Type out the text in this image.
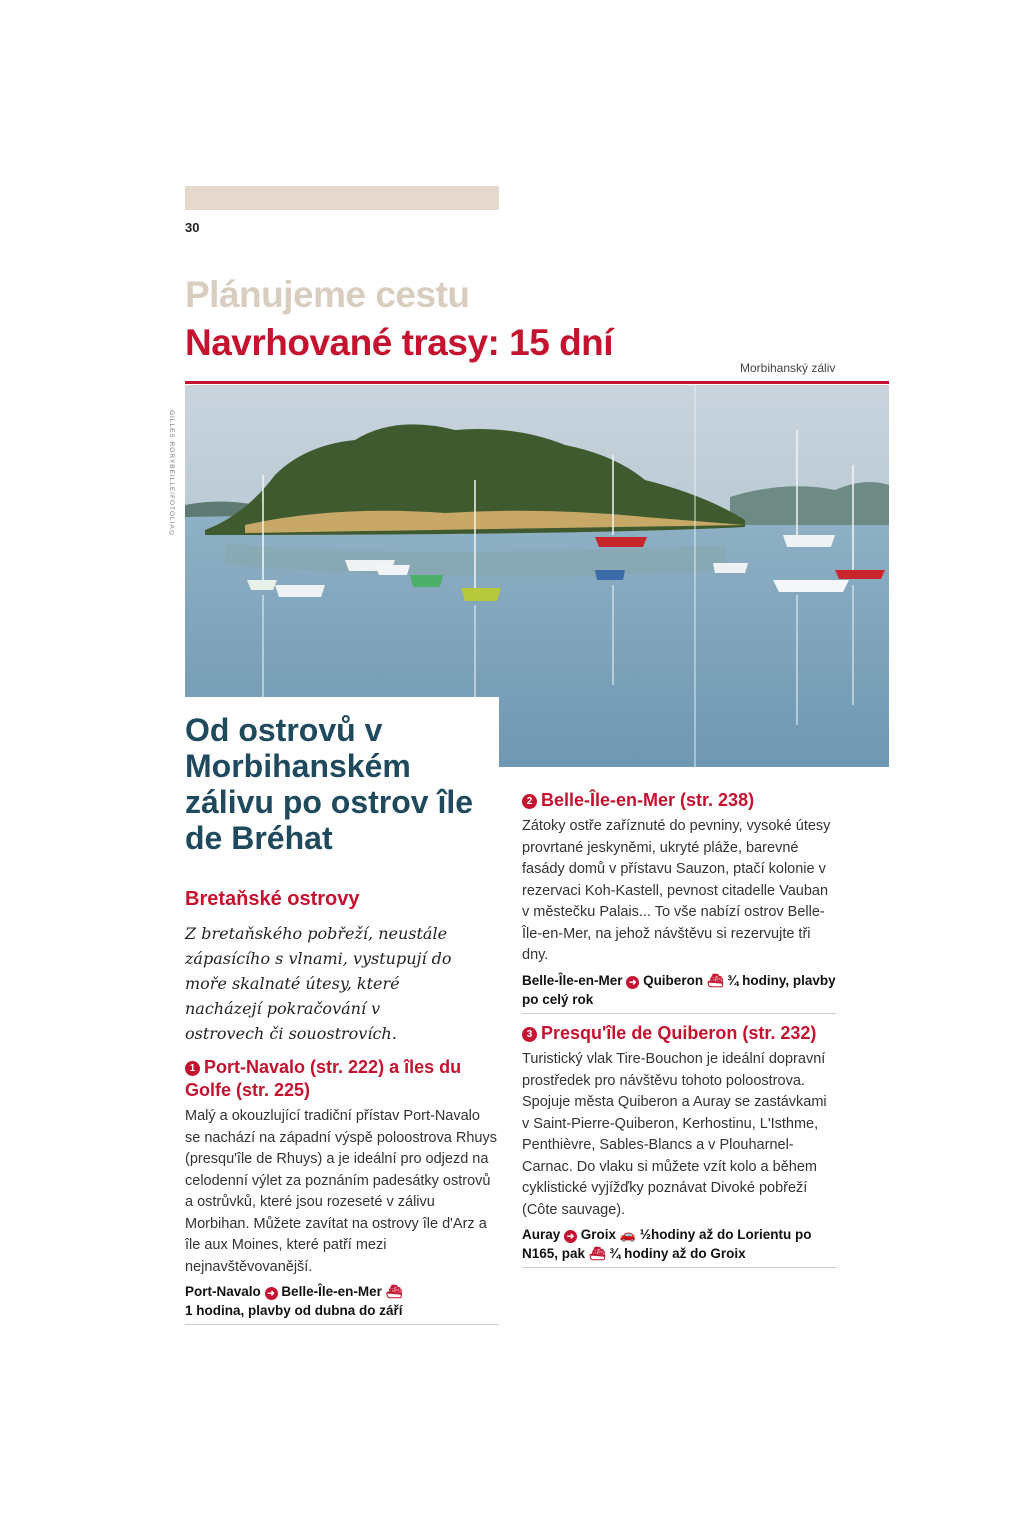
30
Plánujeme cestu
Navrhované trasy: 15 dní
Morbihanský záliv
GILLES RORYBEILLE/FOTOLIA©
Od ostrovů v Morbihanském zálivu po ostrov île de Bréhat
Bretaňské ostrovy
Z bretaňského pobřeží, neustále zápasícího s vlnami, vystupují do moře skalnaté útesy, které nacházejí pokračování v ostrovech či souostrovích.
1 Port-Navalo (str. 222) a îles du Golfe (str. 225)
Malý a okouzlující tradiční přístav Port-Navalo se nachází na západní výspě poloostrova Rhuys (presqu'île de Rhuys) a je ideální pro odjezd na celodenní výlet za poznáním padesátky ostrovů a ostrůvků, které jsou rozeseté v zálivu Morbihan. Můžete zavítat na ostrovy île d'Arz a île aux Moines, které patří mezi nejnavštěvovanější.
Port-Navalo ➜ Belle-Île-en-Mer ⛴
1 hodina, plavby od dubna do září
2 Belle-Île-en-Mer (str. 238)
Zátoky ostře zaříznuté do pevniny, vysoké útesy provrtané jeskyněmi, ukryté pláže, barevné fasády domů v přístavu Sauzon, ptačí kolonie v rezervaci Koh-Kastell, pevnost citadelle Vauban v městečku Palais... To vše nabízí ostrov Belle-Île-en-Mer, na jehož návštěvu si rezervujte tři dny.
Belle-Île-en-Mer ➜ Quiberon ⛴ ¾ hodiny, plavby po celý rok
3 Presqu'île de Quiberon (str. 232)
Turistický vlak Tire-Bouchon je ideální dopravní prostředek pro návštěvu tohoto poloostrova. Spojuje města Quiberon a Auray se zastávkami v Saint-Pierre-Quiberon, Kerhostinu, L'Isthme, Penthièvre, Sables-Blancs a v Plouharnel-Carnac. Do vlaku si můžete vzít kolo a během cyklistické vyjížďky poznávat Divoké pobřeží (Côte sauvage).
Auray ➜ Groix 🚗 ½hodiny až do Lorientu po N165, pak ⛴ ¾ hodiny až do Groix
